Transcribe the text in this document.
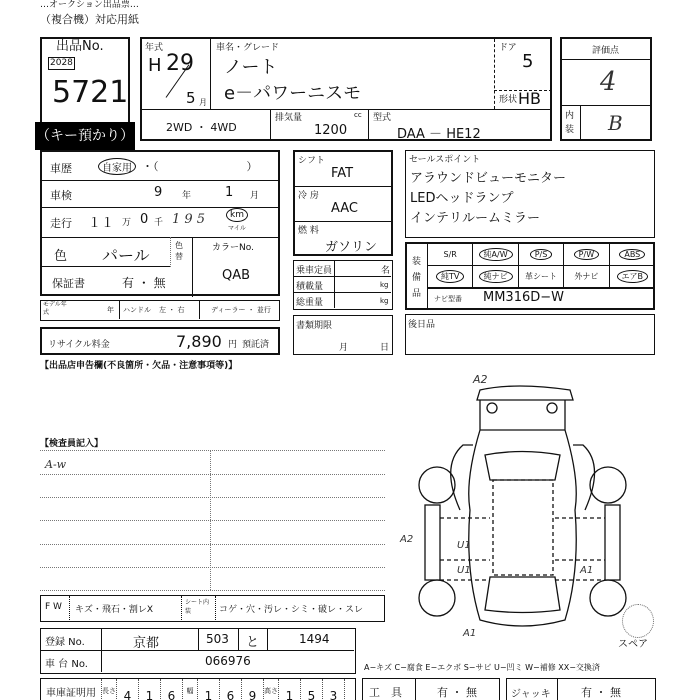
…オークション出品票…
（複合機）対応用紙
出品No.
2028
5721
（キー預かり）
年式
H 29
5 月
車名・グレード
ノート
e－パワーニスモ
ドア
5
形状 HB
2WD ・ 4WD
排気量	cc
1200
型式
DAA － HE12
評価点
4
内装 B
車歴	自家用 ・（　　　　　　　　）
車検	9 年	1 月
走行 １１ 万 0 千 1 9 5	km
マイル
色 パール
色替
カラーNo.
QAB
保証書	有 ・ 無
モデル年式	年 ハンドル 左 ・ 右	ディーラー ・ 並行
リサイクル料金	7,890 円 預託済
シフト
FAT
冷 房
AAC
燃 料
ガソリン
乗車定員	名
積載量	kg
総重量	kg
書類期限
月	日
セールスポイント
アラウンドビューモニター
LEDヘッドランプ
インテリルームミラー
装備品
S/R	純A/W	P/S	P/W	ABS
純TV	純ナビ	革シート 外ナビ	エアB
ナビ型番 MM316D−W
後日品
【出品店申告欄(不良箇所・欠品・注意事項等)】
【検査員記入】
A-w
A2
U1
U1	A1
A2
A1
スペア
A−キズ C−腐食 E−エクボ S−サビ U−凹ミ W−補修 XX−交換済
F W キズ・飛石・割レX
シート内装	コゲ・穴・汚レ・シミ・破レ・スレ
登録 No.	京都	503 と	1494
車 台 No.	066976
車庫証明用 長さ 4	1	6	幅 1	6	9	高さ 1	5	3	工　具	有 ・ 無	ジャッキ	有 ・ 無
